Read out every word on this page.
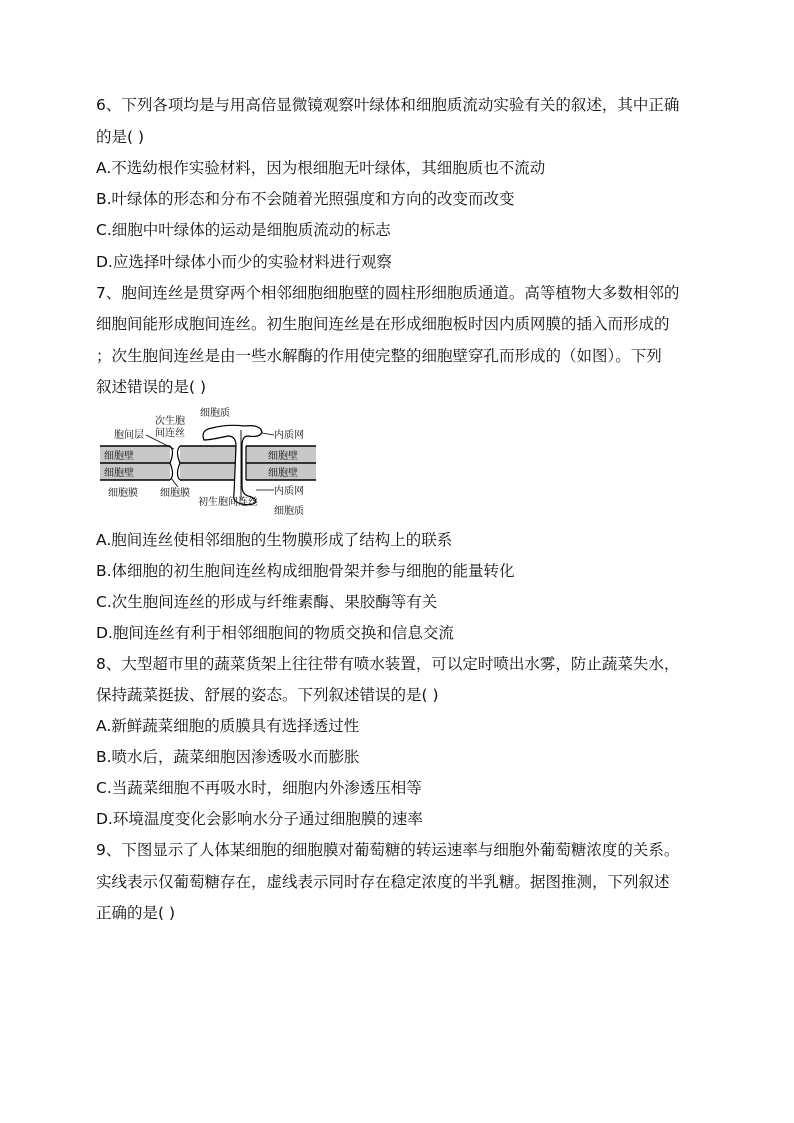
6、下列各项均是与用高倍显微镜观察叶绿体和细胞质流动实验有关的叙述，其中正确
的是( )
A.不选幼根作实验材料，因为根细胞无叶绿体，其细胞质也不流动
B.叶绿体的形态和分布不会随着光照强度和方向的改变而改变
C.细胞中叶绿体的运动是细胞质流动的标志
D.应选择叶绿体小而少的实验材料进行观察
7、胞间连丝是贯穿两个相邻细胞细胞壁的圆柱形细胞质通道。高等植物大多数相邻的
细胞间能形成胞间连丝。初生胞间连丝是在形成细胞板时因内质网膜的插入而形成的
；次生胞间连丝是由一些水解酶的作用使完整的细胞壁穿孔而形成的（如图）。下列
叙述错误的是( )
细胞质
次生胞
间连丝
胞间层	内质网
细胞壁
细胞壁
细胞壁
细胞壁
细胞膜 细胞膜
初生胞间连丝
内质网
细胞质
A.胞间连丝使相邻细胞的生物膜形成了结构上的联系
B.体细胞的初生胞间连丝构成细胞骨架并参与细胞的能量转化
C.次生胞间连丝的形成与纤维素酶、果胶酶等有关
D.胞间连丝有利于相邻细胞间的物质交换和信息交流
8、大型超市里的蔬菜货架上往往带有喷水装置，可以定时喷出水雾，防止蔬菜失水，
保持蔬菜挺拔、舒展的姿态。下列叙述错误的是( )
A.新鲜蔬菜细胞的质膜具有选择透过性
B.喷水后，蔬菜细胞因渗透吸水而膨胀
C.当蔬菜细胞不再吸水时，细胞内外渗透压相等
D.环境温度变化会影响水分子通过细胞膜的速率
9、下图显示了人体某细胞的细胞膜对葡萄糖的转运速率与细胞外葡萄糖浓度的关系。
实线表示仅葡萄糖存在，虚线表示同时存在稳定浓度的半乳糖。据图推测，下列叙述
正确的是( )
